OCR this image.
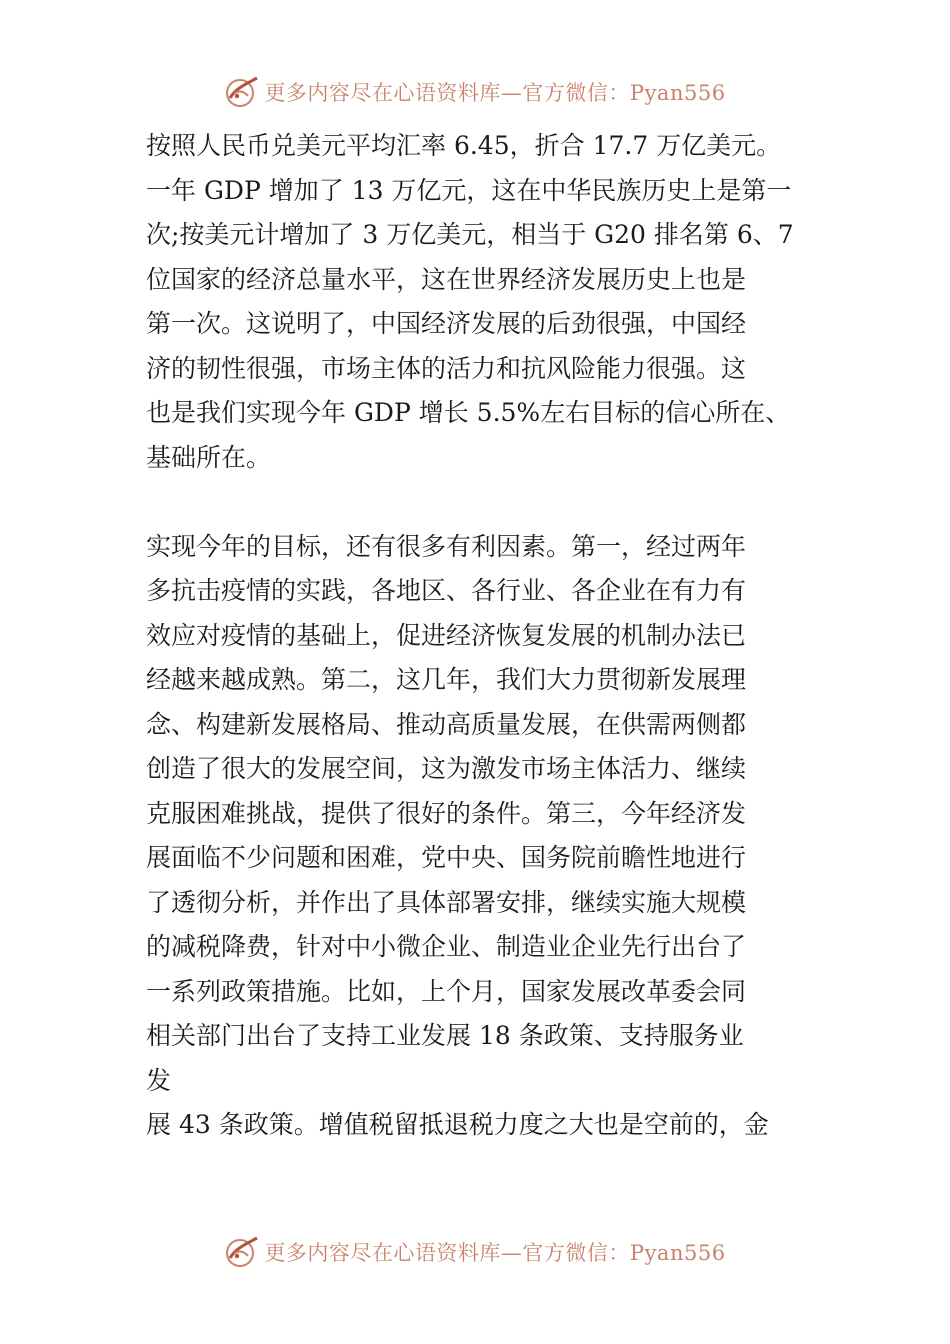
更多内容尽在心语资料库—官方微信：Pyan556
按照人民币兑美元平均汇率 6.45，折合 17.7 万亿美元。
一年 GDP 增加了 13 万亿元，这在中华民族历史上是第一
次;按美元计增加了 3 万亿美元，相当于 G20 排名第 6、7
位国家的经济总量水平，这在世界经济发展历史上也是
第一次。这说明了，中国经济发展的后劲很强，中国经
济的韧性很强，市场主体的活力和抗风险能力很强。这
也是我们实现今年 GDP 增长 5.5%左右目标的信心所在、
基础所在。
实现今年的目标，还有很多有利因素。第一，经过两年
多抗击疫情的实践，各地区、各行业、各企业在有力有
效应对疫情的基础上，促进经济恢复发展的机制办法已
经越来越成熟。第二，这几年，我们大力贯彻新发展理
念、构建新发展格局、推动高质量发展，在供需两侧都
创造了很大的发展空间，这为激发市场主体活力、继续
克服困难挑战，提供了很好的条件。第三，今年经济发
展面临不少问题和困难，党中央、国务院前瞻性地进行
了透彻分析，并作出了具体部署安排，继续实施大规模
的减税降费，针对中小微企业、制造业企业先行出台了
一系列政策措施。比如，上个月，国家发展改革委会同
相关部门出台了支持工业发展 18 条政策、支持服务业
发
展 43 条政策。增值税留抵退税力度之大也是空前的，金
更多内容尽在心语资料库—官方微信：Pyan556
